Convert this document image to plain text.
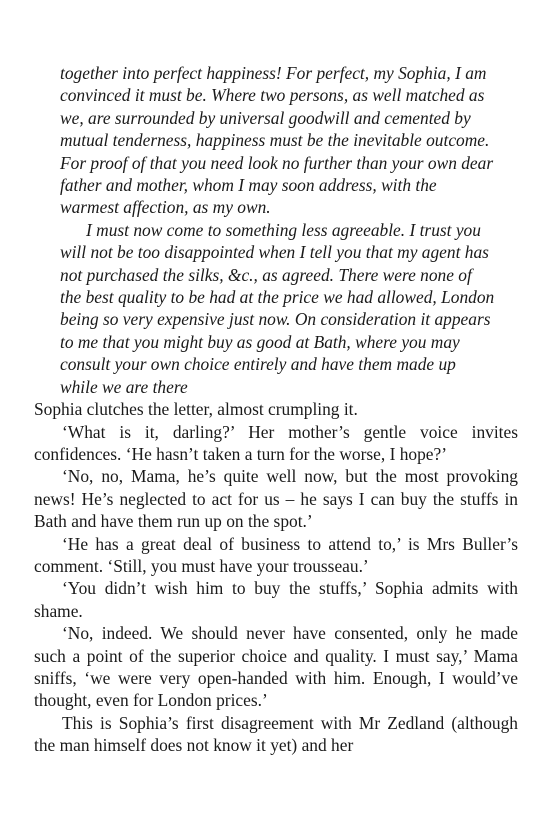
together into perfect happiness! For perfect, my Sophia, I am convinced it must be. Where two persons, as well matched as we, are surrounded by universal goodwill and cemented by mutual tenderness, happiness must be the inevitable outcome. For proof of that you need look no further than your own dear father and mother, whom I may soon address, with the warmest affection, as my own.

I must now come to something less agreeable. I trust you will not be too disappointed when I tell you that my agent has not purchased the silks, &c., as agreed. There were none of the best quality to be had at the price we had allowed, London being so very expensive just now. On consideration it appears to me that you might buy as good at Bath, where you may consult your own choice entirely and have them made up while we are there

Sophia clutches the letter, almost crumpling it.

‘What is it, darling?’ Her mother’s gentle voice invites confidences. ‘He hasn’t taken a turn for the worse, I hope?’

‘No, no, Mama, he’s quite well now, but the most provoking news! He’s neglected to act for us – he says I can buy the stuffs in Bath and have them run up on the spot.’

‘He has a great deal of business to attend to,’ is Mrs Buller’s comment. ‘Still, you must have your trousseau.’

‘You didn’t wish him to buy the stuffs,’ Sophia admits with shame.

‘No, indeed. We should never have consented, only he made such a point of the superior choice and quality. I must say,’ Mama sniffs, ‘we were very open-handed with him. Enough, I would’ve thought, even for London prices.’

This is Sophia’s first disagreement with Mr Zedland (although the man himself does not know it yet) and her
